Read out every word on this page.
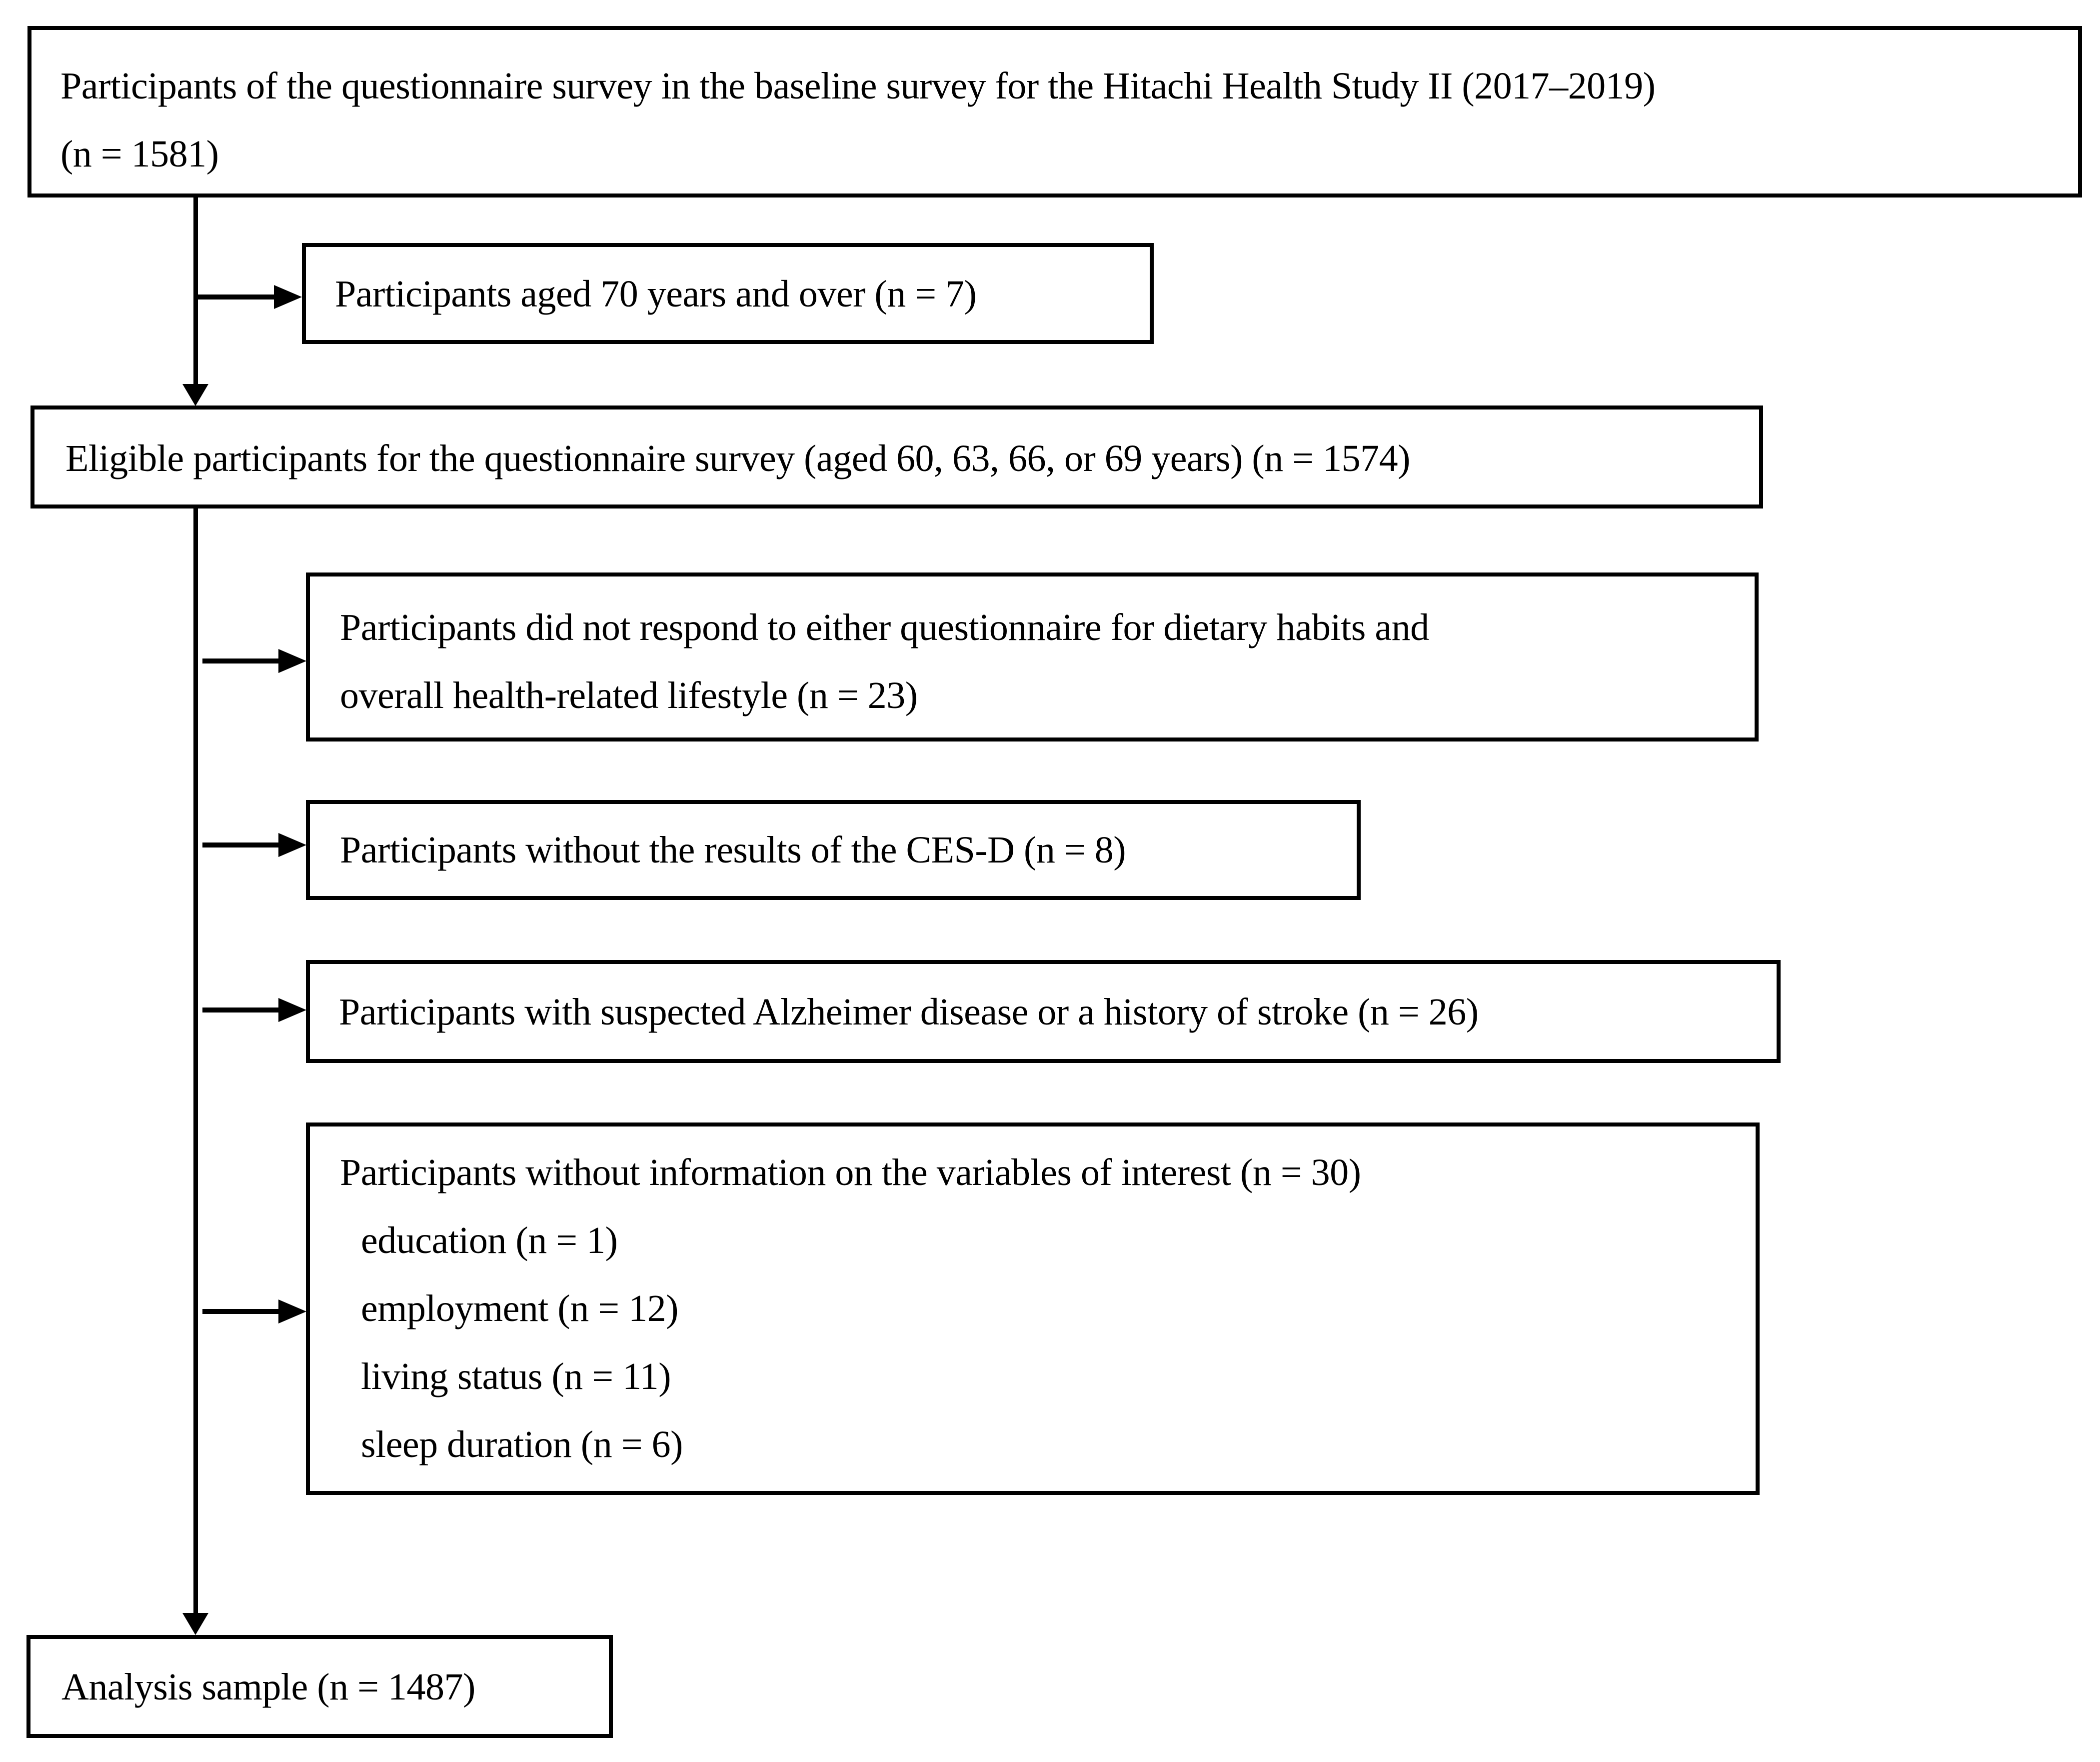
Participants of the questionnaire survey in the baseline survey for the Hitachi Health Study II (2017–2019)
(n = 1581)
Participants aged 70 years and over (n = 7)
Eligible participants for the questionnaire survey (aged 60, 63, 66, or 69 years) (n = 1574)
Participants did not respond to either questionnaire for dietary habits and
overall health-related lifestyle (n = 23)
Participants without the results of the CES-D (n = 8)
Participants with suspected Alzheimer disease or a history of stroke (n = 26)
Participants without information on the variables of interest (n = 30)
education (n = 1)
employment (n = 12)
living status (n = 11)
sleep duration (n = 6)
Analysis sample (n = 1487)
